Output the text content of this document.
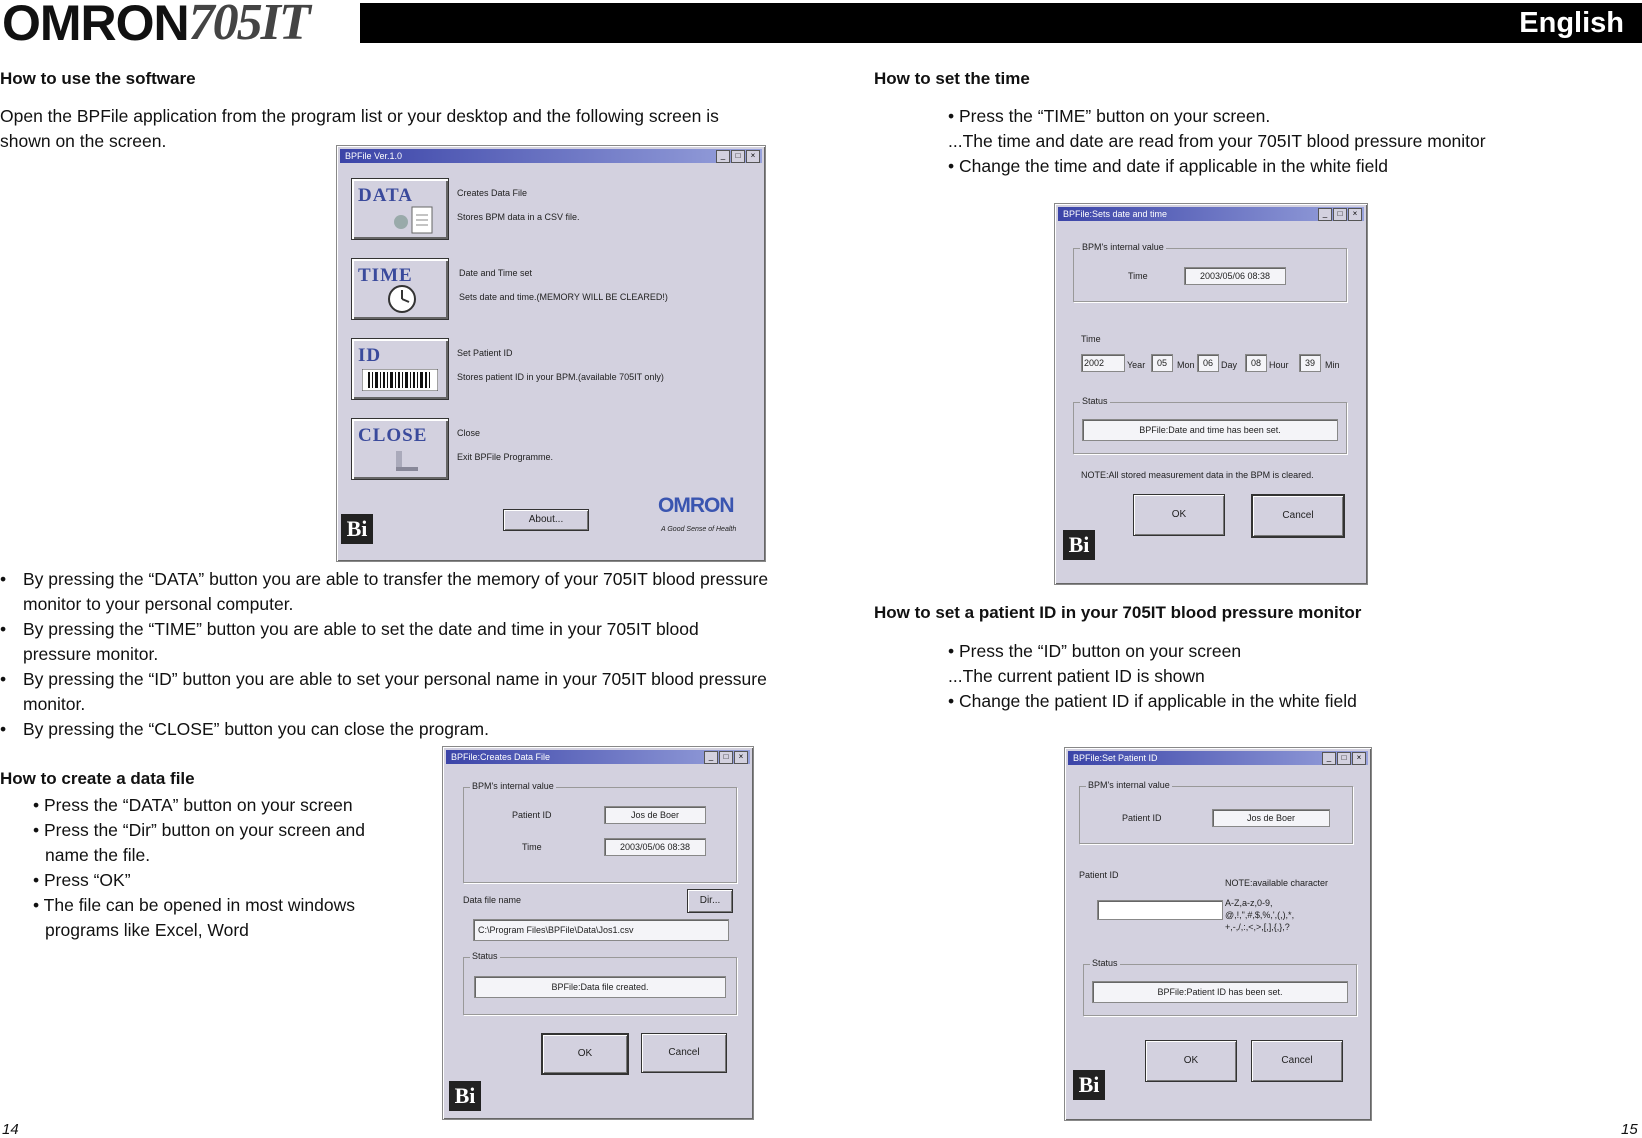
OMRON 705IT	English
How to use the software
Open the BPFile application from the program list or your desktop and the following screen is shown on the screen.
BPFile Ver.1.0	_	□	×
DATA	Creates Data File
Stores BPM data in a CSV file.
TIME	Date and Time set
Sets date and time.(MEMORY WILL BE CLEARED!)
ID	Set Patient ID
Stores patient ID in your BPM.(available 705IT only)
CLOSE	Close
Exit BPFile Programme.
Bi	About...
OMRON
A Good Sense of Health
• By pressing the “DATA” button you are able to transfer the memory of your 705IT blood pressure monitor to your personal computer.
• By pressing the “TIME” button you are able to set the date and time in your 705IT blood pressure monitor.
• By pressing the “ID” button you are able to set your personal name in your 705IT blood pressure monitor.
• By pressing the “CLOSE” button you can close the program.
How to create a data file
• Press the “DATA” button on your screen
• Press the “Dir” button on your screen and
name the file.
• Press “OK”
• The file can be opened in most windows
programs like Excel, Word
BPFile:Creates Data File	_	□	×
BPM's internal value
Patient ID	Jos de Boer
Time	2003/05/06 08:38
Data file name	Dir...
C:\Program Files\BPFile\Data\Jos1.csv
Status
BPFile:Data file created.
OK	Cancel
Bi
14
How to set the time
• Press the “TIME” button on your screen.
...The time and date are read from your 705IT blood pressure monitor
• Change the time and date if applicable in the white field
BPFile:Sets date and time	_	□	×
BPM's internal value
Time	2003/05/06 08:38
Time
2002	Year	05	Mon 06 Day	08 Hour	39	Min
Status
BPFile:Date and time has been set.
NOTE:All stored measurement data in the BPM is cleared.
OK	Cancel
Bi
How to set a patient ID in your 705IT blood pressure monitor
• Press the “ID” button on your screen
...The current patient ID is shown
• Change the patient ID if applicable in the white field
BPFile:Set Patient ID	_	□	×
BPM's internal value
Patient ID	Jos de Boer
Patient ID
NOTE:available character
A-Z,a-z,0-9,
@,!,",#,$,%,',(,),*,
+,-,/,:,<,>,[,],{,},?
Status
BPFile:Patient ID has been set.
OK	Cancel
Bi
15
